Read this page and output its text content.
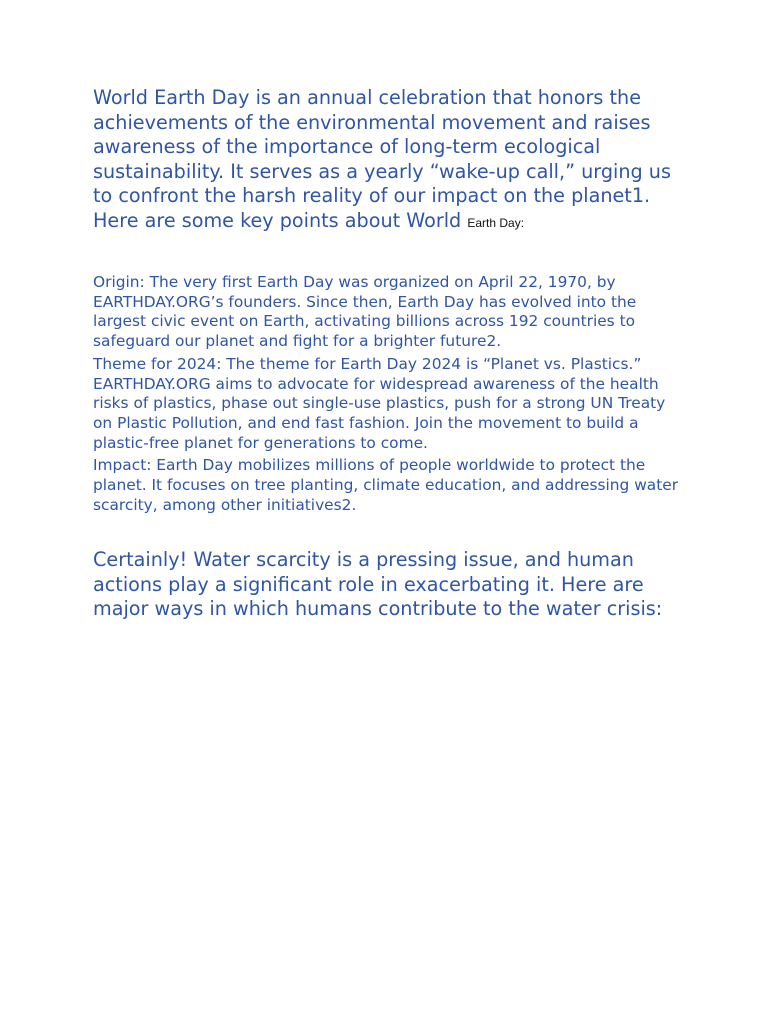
World Earth Day is an annual celebration that honors the achievements of the environmental movement and raises awareness of the importance of long-term ecological sustainability. It serves as a yearly “wake-up call,” urging us to confront the harsh reality of our impact on the planet1. Here are some key points about World Earth Day:

Origin: The very first Earth Day was organized on April 22, 1970, by EARTHDAY.ORG’s founders. Since then, Earth Day has evolved into the largest civic event on Earth, activating billions across 192 countries to safeguard our planet and fight for a brighter future2.

Theme for 2024: The theme for Earth Day 2024 is “Planet vs. Plastics.” EARTHDAY.ORG aims to advocate for widespread awareness of the health risks of plastics, phase out single-use plastics, push for a strong UN Treaty on Plastic Pollution, and end fast fashion. Join the movement to build a plastic-free planet for generations to come.

Impact: Earth Day mobilizes millions of people worldwide to protect the planet. It focuses on tree planting, climate education, and addressing water scarcity, among other initiatives2.

Certainly! Water scarcity is a pressing issue, and human actions play a significant role in exacerbating it. Here are major ways in which humans contribute to the water crisis:
